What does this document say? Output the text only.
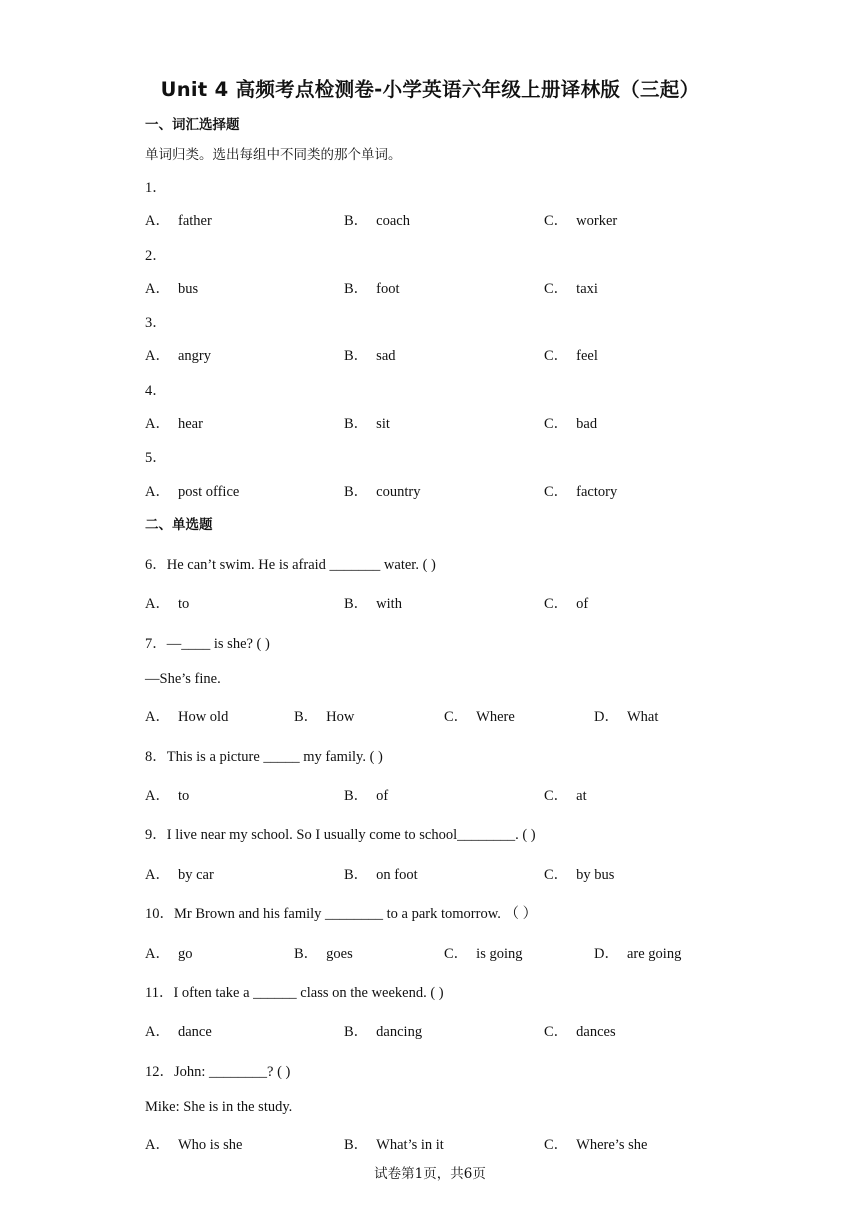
Unit 4 高频考点检测卷-小学英语六年级上册译林版（三起）
一、词汇选择题
单词归类。选出每组中不同类的那个单词。
1．
A． father	B． coach	C． worker
2．
A． bus	B． foot	C． taxi
3．
A． angry	B． sad	C． feel
4．
A． hear	B． sit	C． bad
5．
A． post office	B． country	C． factory
二、单选题
6．He can’t swim. He is afraid _______ water. ( )
A． to	B． with	C． of
7．—____ is she? ( )
—She’s fine.
A． How old	B． How	C． Where	D． What
8．This is a picture _____ my family. ( )
A． to	B． of	C． at
9．I live near my school. So I usually come to school________. ( )
A． by car	B． on foot	C． by bus
10．Mr Brown and his family ________ to a park tomorrow. （ ）
A． go	B． goes	C． is going	D． are going
11．I often take a ______ class on the weekend. ( )
A． dance	B． dancing	C． dances
12．John: ________? ( )
Mike: She is in the study.
A． Who is she	B． What’s in it	C． Where’s she
试卷第1页，共6页
